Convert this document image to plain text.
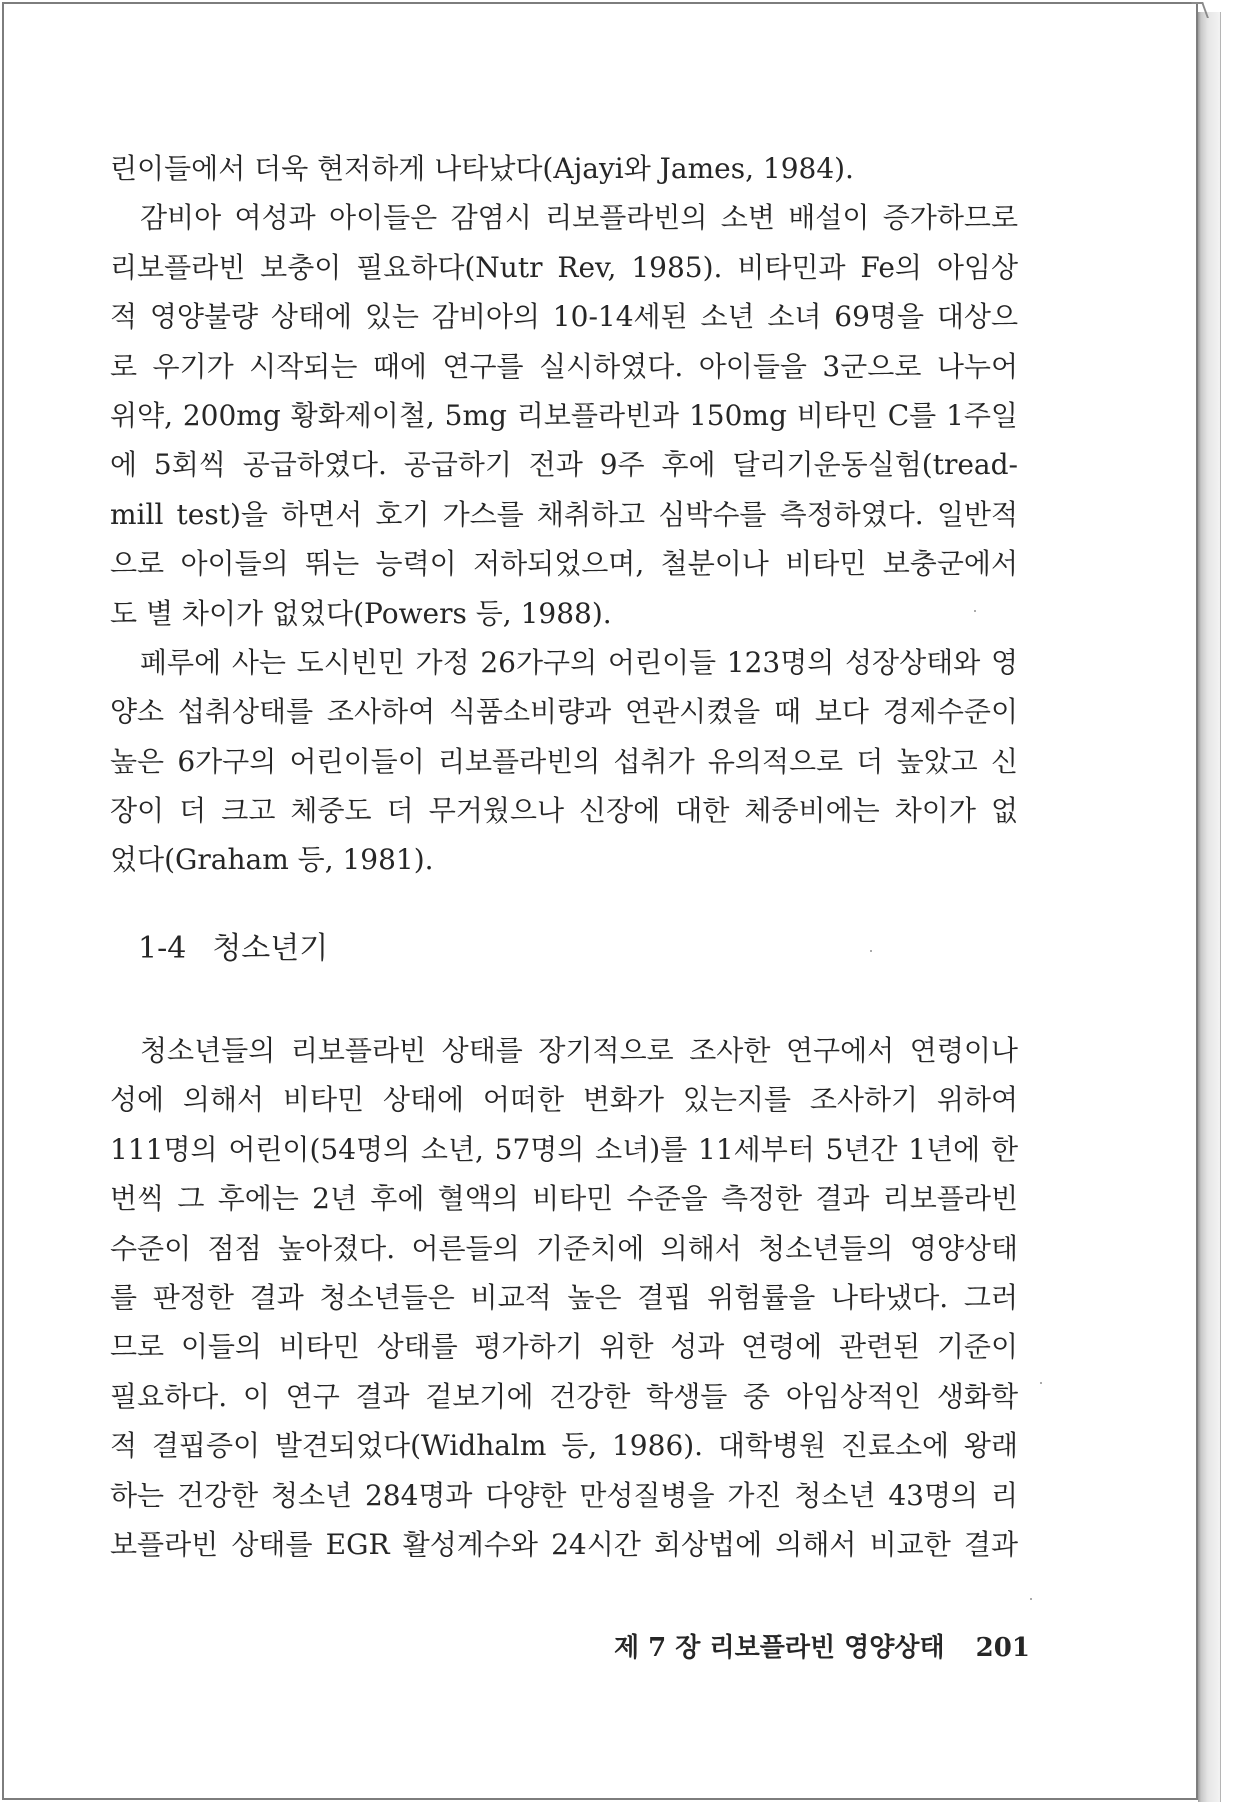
린이들에서 더욱 현저하게 나타났다(Ajayi와 James, 1984).
감비아 여성과 아이들은 감염시 리보플라빈의 소변 배설이 증가하므로
리보플라빈 보충이 필요하다(Nutr Rev, 1985). 비타민과 Fe의 아임상
적 영양불량 상태에 있는 감비아의 10-14세된 소년 소녀 69명을 대상으
로 우기가 시작되는 때에 연구를 실시하였다. 아이들을 3군으로 나누어
위약, 200mg 황화제이철, 5mg 리보플라빈과 150mg 비타민 C를 1주일
에 5회씩 공급하였다. 공급하기 전과 9주 후에 달리기운동실험(tread-
mill test)을 하면서 호기 가스를 채취하고 심박수를 측정하였다. 일반적
으로 아이들의 뛰는 능력이 저하되었으며, 철분이나 비타민 보충군에서
도 별 차이가 없었다(Powers 등, 1988).
페루에 사는 도시빈민 가정 26가구의 어린이들 123명의 성장상태와 영
양소 섭취상태를 조사하여 식품소비량과 연관시켰을 때 보다 경제수준이
높은 6가구의 어린이들이 리보플라빈의 섭취가 유의적으로 더 높았고 신
장이 더 크고 체중도 더 무거웠으나 신장에 대한 체중비에는 차이가 없
었다(Graham 등, 1981).
1-4 청소년기
청소년들의 리보플라빈 상태를 장기적으로 조사한 연구에서 연령이나
성에 의해서 비타민 상태에 어떠한 변화가 있는지를 조사하기 위하여
111명의 어린이(54명의 소년, 57명의 소녀)를 11세부터 5년간 1년에 한
번씩 그 후에는 2년 후에 혈액의 비타민 수준을 측정한 결과 리보플라빈
수준이 점점 높아졌다. 어른들의 기준치에 의해서 청소년들의 영양상태
를 판정한 결과 청소년들은 비교적 높은 결핍 위험률을 나타냈다. 그러
므로 이들의 비타민 상태를 평가하기 위한 성과 연령에 관련된 기준이
필요하다. 이 연구 결과 겉보기에 건강한 학생들 중 아임상적인 생화학
적 결핍증이 발견되었다(Widhalm 등, 1986). 대학병원 진료소에 왕래
하는 건강한 청소년 284명과 다양한 만성질병을 가진 청소년 43명의 리
보플라빈 상태를 EGR 활성계수와 24시간 회상법에 의해서 비교한 결과
제 7 장 리보플라빈 영양상태 201
